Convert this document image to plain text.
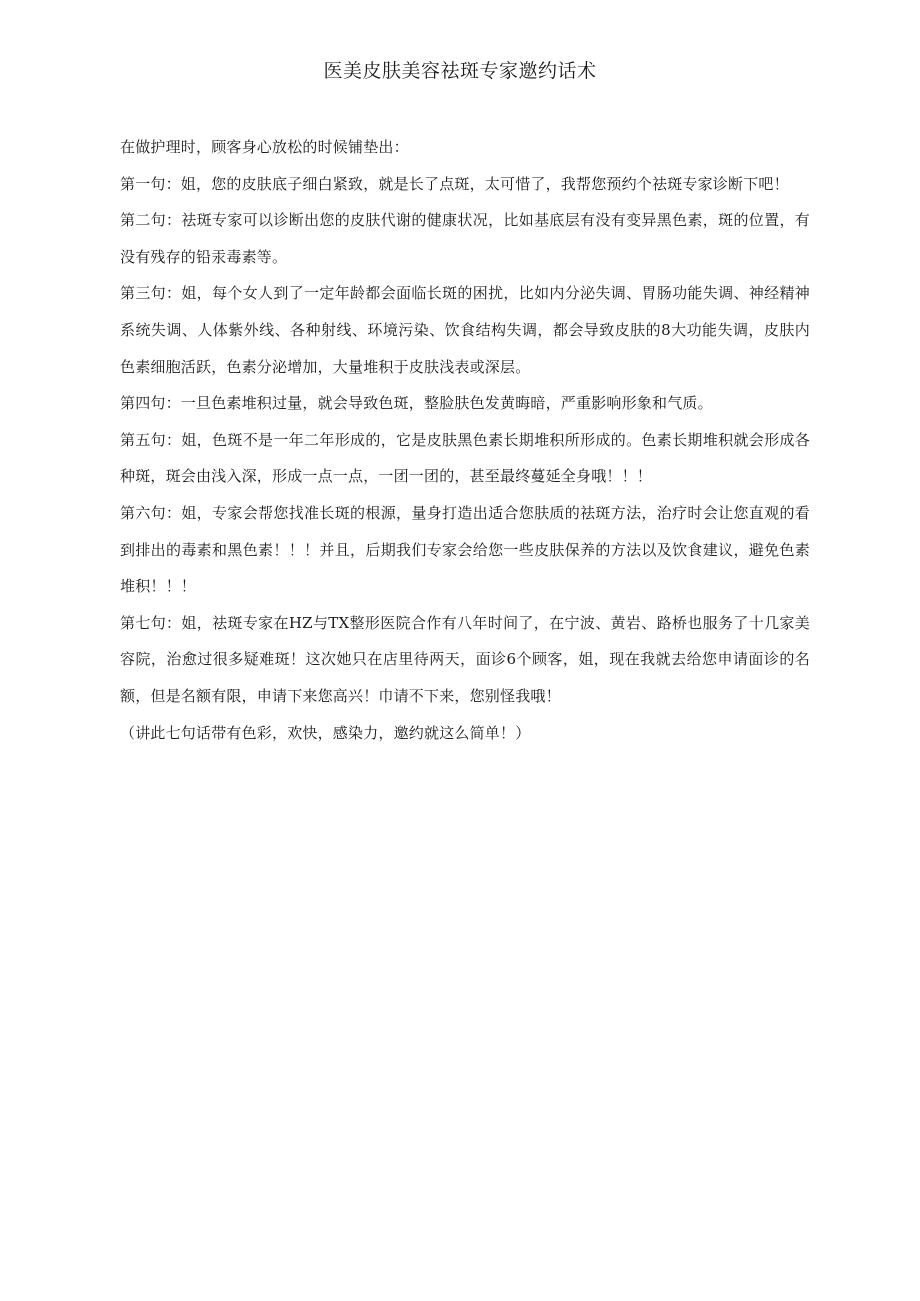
医美皮肤美容祛斑专家邀约话术

在做护理时，顾客身心放松的时候铺垫出：

第一句：姐，您的皮肤底子细白紧致，就是长了点斑，太可惜了，我帮您预约个祛斑专家诊断下吧！

第二句：祛斑专家可以诊断出您的皮肤代谢的健康状况，比如基底层有没有变异黑色素，斑的位置，有没有残存的铅汞毒素等。

第三句：姐，每个女人到了一定年龄都会面临长斑的困扰，比如内分泌失调、胃肠功能失调、神经精神系统失调、人体紫外线、各种射线、环境污染、饮食结构失调，都会导致皮肤的8大功能失调，皮肤内色素细胞活跃，色素分泌增加，大量堆积于皮肤浅表或深层。

第四句：一旦色素堆积过量，就会导致色斑，整脸肤色发黄晦暗，严重影响形象和气质。

第五句：姐，色斑不是一年二年形成的，它是皮肤黑色素长期堆积所形成的。色素长期堆积就会形成各种斑，斑会由浅入深，形成一点一点，一团一团的，甚至最终蔓延全身哦！！！

第六句：姐，专家会帮您找准长斑的根源，量身打造出适合您肤质的祛斑方法，治疗时会让您直观的看到排出的毒素和黑色素！！！并且，后期我们专家会给您一些皮肤保养的方法以及饮食建议，避免色素堆积！！！

第七句：姐，祛斑专家在HZ与TX整形医院合作有八年时间了，在宁波、黄岩、路桥也服务了十几家美容院，治愈过很多疑难斑！这次她只在店里待两天，面诊6个顾客，姐，现在我就去给您申请面诊的名额，但是名额有限，申请下来您高兴！巾请不下来，您别怪我哦！

（讲此七句话带有色彩，欢快，感染力，邀约就这么简单！）
